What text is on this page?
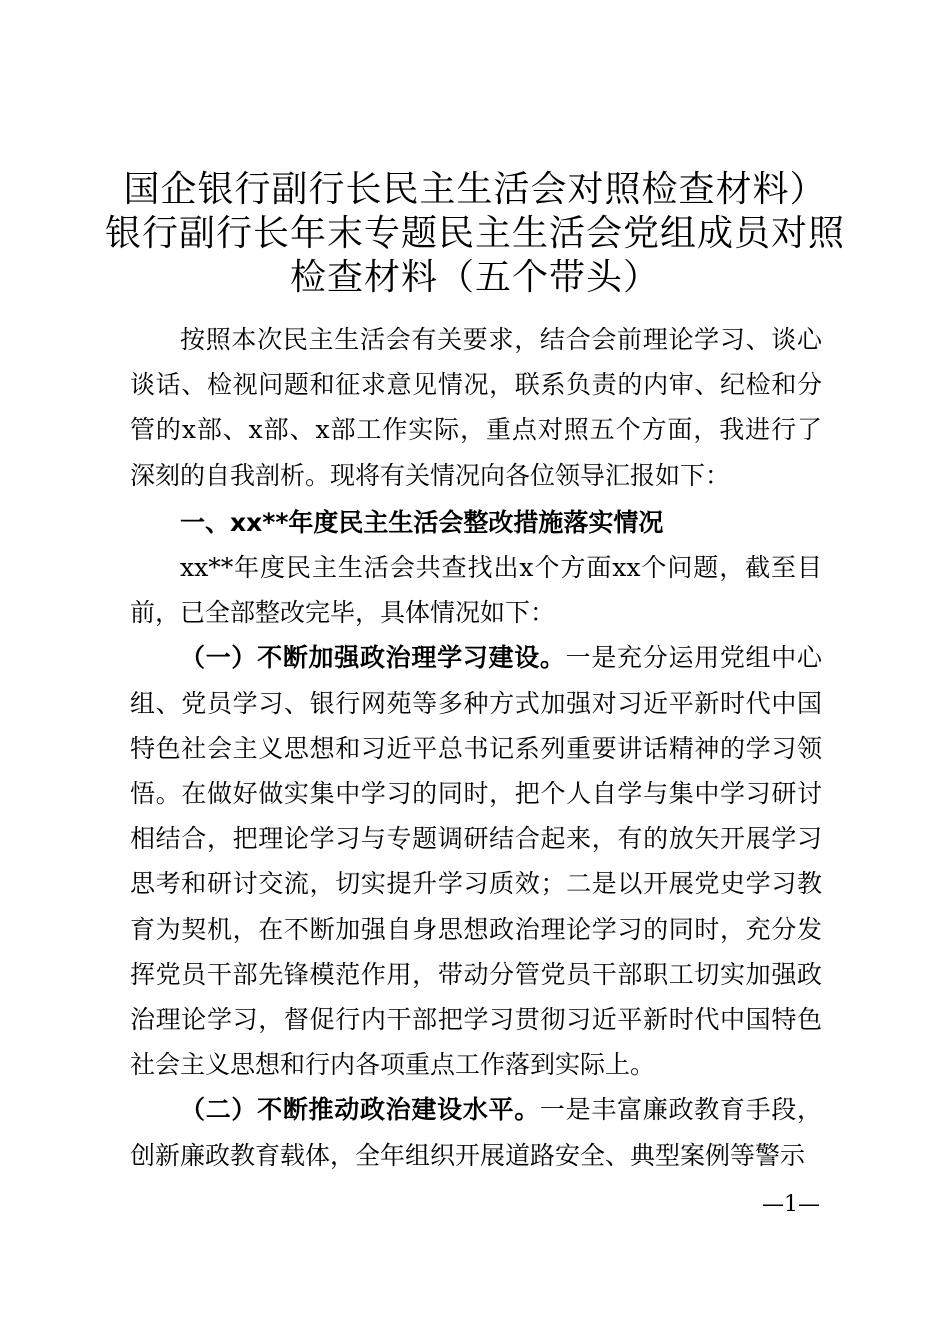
国企银行副行长民主生活会对照检查材料）
银行副行长年末专题民主生活会党组成员对照
检查材料（五个带头）

按照本次民主生活会有关要求，结合会前理论学习、谈心谈话、检视问题和征求意见情况，联系负责的内审、纪检和分管的x部、x部、x部工作实际，重点对照五个方面，我进行了深刻的自我剖析。现将有关情况向各位领导汇报如下：

一、xx**年度民主生活会整改措施落实情况

xx**年度民主生活会共查找出x个方面xx个问题，截至目前，已全部整改完毕，具体情况如下：

（一）不断加强政治理学习建设。一是充分运用党组中心组、党员学习、银行网苑等多种方式加强对习近平新时代中国特色社会主义思想和习近平总书记系列重要讲话精神的学习领悟。在做好做实集中学习的同时，把个人自学与集中学习研讨相结合，把理论学习与专题调研结合起来，有的放矢开展学习思考和研讨交流，切实提升学习质效；二是以开展党史学习教育为契机，在不断加强自身思想政治理论学习的同时，充分发挥党员干部先锋模范作用，带动分管党员干部职工切实加强政治理论学习，督促行内干部把学习贯彻习近平新时代中国特色社会主义思想和行内各项重点工作落到实际上。

（二）不断推动政治建设水平。一是丰富廉政教育手段，创新廉政教育载体，全年组织开展道路安全、典型案例等警示

—1—
